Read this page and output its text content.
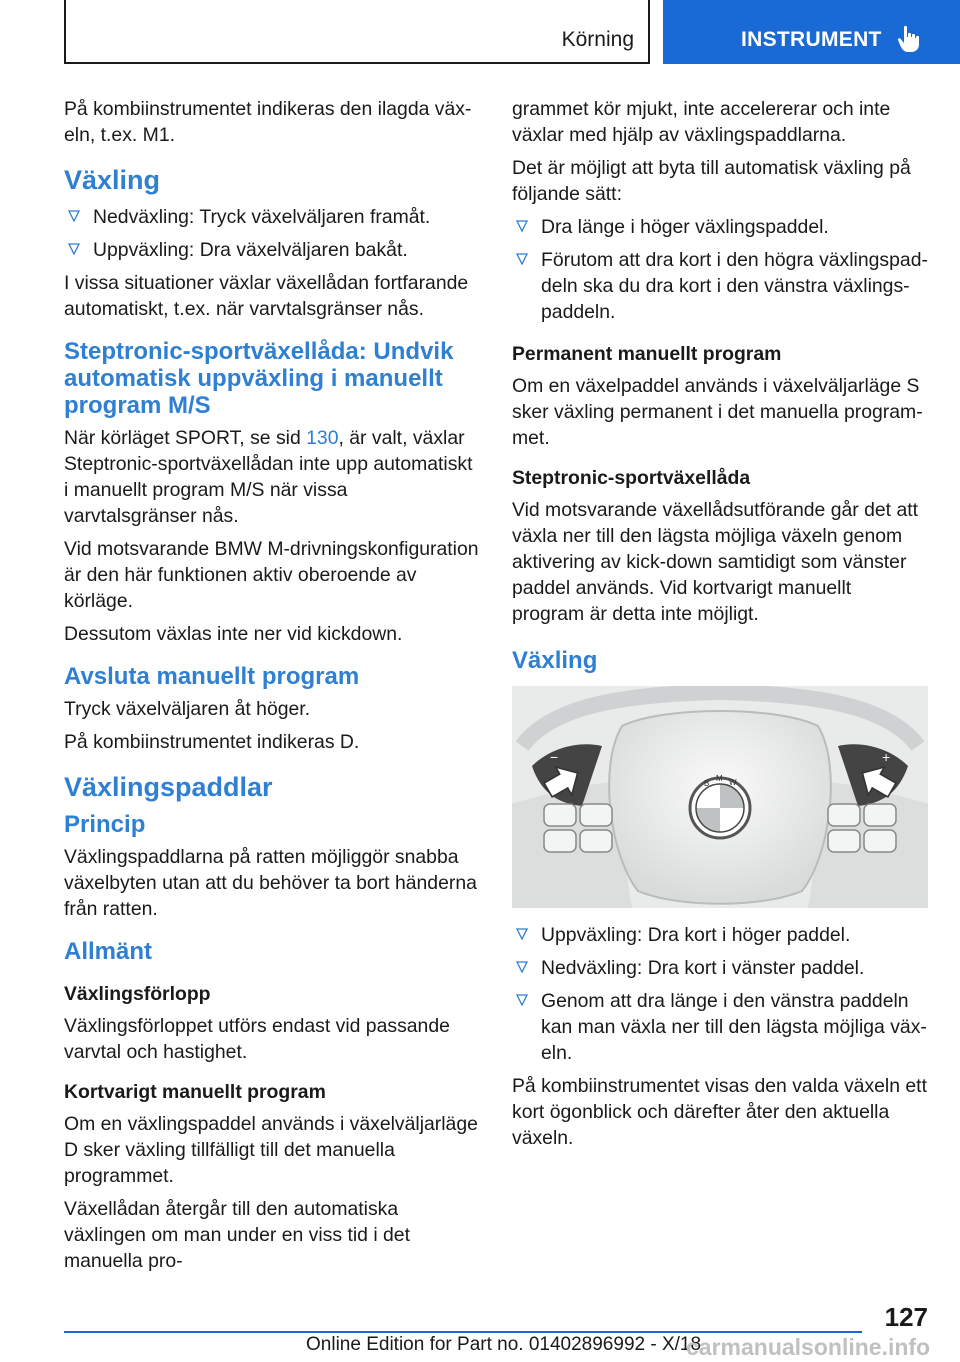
Körning	INSTRUMENT

På kombiinstrumentet indikeras den ilagda växeln, t.ex. M1.

Växling
Nedväxling: Tryck växelväljaren framåt.
Uppväxling: Dra växelväljaren bakåt.

I vissa situationer växlar växellådan fortfarande automatiskt, t.ex. när varvtalsgränser nås.

Steptronic-sportväxellåda: Undvik automatisk uppväxling i manuellt program M/S

När körläget SPORT, se sid 130, är valt, växlar Steptronic-sportväxellådan inte upp automatiskt i manuellt program M/S när vissa varvtalsgränser nås.

Vid motsvarande BMW M-drivningskonfiguration är den här funktionen aktiv oberoende av körläge.

Dessutom växlas inte ner vid kickdown.

Avsluta manuellt program

Tryck växelväljaren åt höger.

På kombiinstrumentet indikeras D.

Växlingspaddlar
Princip

Växlingspaddlarna på ratten möjliggör snabba växelbyten utan att du behöver ta bort händerna från ratten.

Allmänt
Växlingsförlopp

Växlingsförloppet utförs endast vid passande varvtal och hastighet.

Kortvarigt manuellt program

Om en växlingspaddel används i växelväljarläge D sker växling tillfälligt till det manuella programmet.

Växellådan återgår till den automatiska växlingen om man under en viss tid i det manuella pro-

grammet kör mjukt, inte accelererar och inte växlar med hjälp av växlingspaddlarna.

Det är möjligt att byta till automatisk växling på följande sätt:

Dra länge i höger växlingspaddel.
Förutom att dra kort i den högra växlingspaddeln ska du dra kort i den vänstra växlingspaddeln.
Permanent manuellt program

Om en växelpaddel används i växelväljarläge S sker växling permanent i det manuella programmet.

Steptronic-sportväxellåda

Vid motsvarande växellådsutförande går det att växla ner till den lägsta möjliga växeln genom aktivering av kick-down samtidigt som vänster paddel används. Vid kortvarigt manuellt program är detta inte möjligt.

Växling
B
M W
−	+
Uppväxling: Dra kort i höger paddel.
Nedväxling: Dra kort i vänster paddel.
Genom att dra länge i den vänstra paddeln kan man växla ner till den lägsta möjliga växeln.

På kombiinstrumentet visas den valda växeln ett kort ögonblick och därefter åter den aktuella växeln.

127
Online Edition for Part no. 01402896992 - X/18
carmanualsonline.info
